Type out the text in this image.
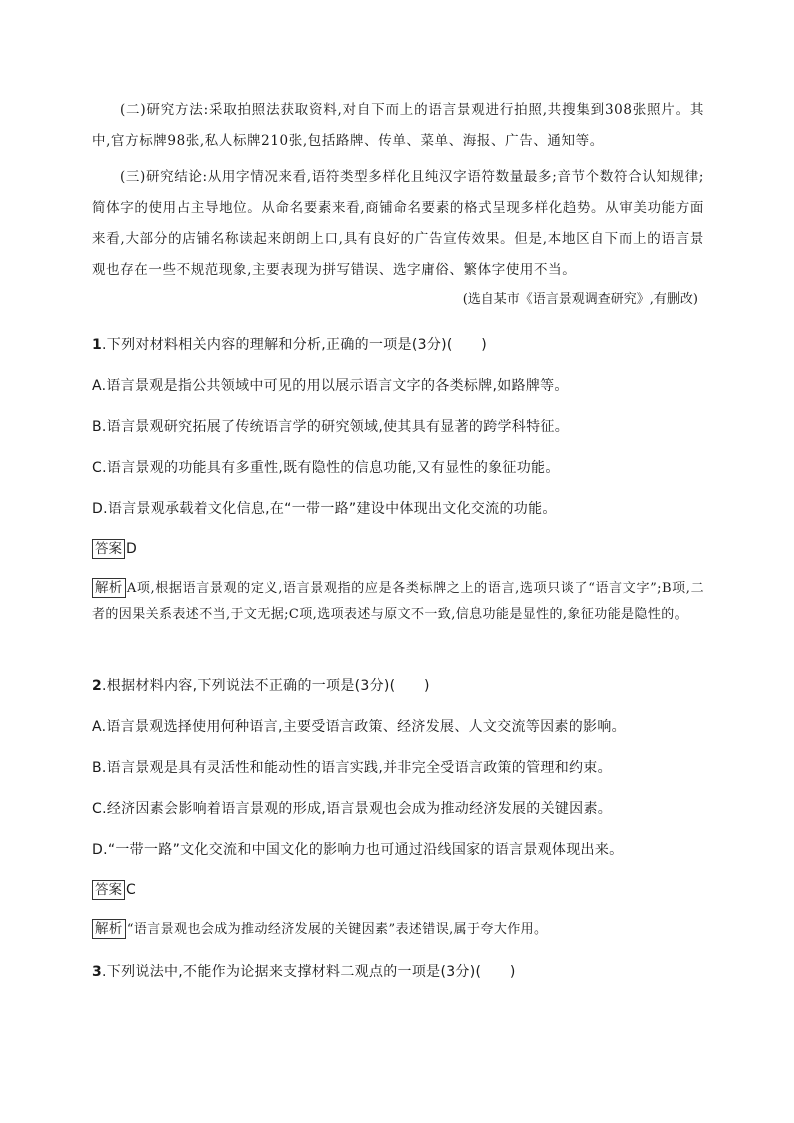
(二)研究方法:采取拍照法获取资料,对自下而上的语言景观进行拍照,共搜集到308张照片。其中,官方标牌98张,私人标牌210张,包括路牌、传单、菜单、海报、广告、通知等。
(三)研究结论:从用字情况来看,语符类型多样化且纯汉字语符数量最多;音节个数符合认知规律;简体字的使用占主导地位。从命名要素来看,商铺命名要素的格式呈现多样化趋势。从审美功能方面来看,大部分的店铺名称读起来朗朗上口,具有良好的广告宣传效果。但是,本地区自下而上的语言景观也存在一些不规范现象,主要表现为拼写错误、选字庸俗、繁体字使用不当。
(选自某市《语言景观调查研究》,有删改)
1.下列对材料相关内容的理解和分析,正确的一项是(3分)(　　)
A.语言景观是指公共领域中可见的用以展示语言文字的各类标牌,如路牌等。
B.语言景观研究拓展了传统语言学的研究领域,使其具有显著的跨学科特征。
C.语言景观的功能具有多重性,既有隐性的信息功能,又有显性的象征功能。
D.语言景观承载着文化信息,在“一带一路”建设中体现出文化交流的功能。
答案 D
解析 A项,根据语言景观的定义,语言景观指的应是各类标牌之上的语言,选项只谈了“语言文字”;B项,二者的因果关系表述不当,于文无据;C项,选项表述与原文不一致,信息功能是显性的,象征功能是隐性的。
2.根据材料内容,下列说法不正确的一项是(3分)(　　)
A.语言景观选择使用何种语言,主要受语言政策、经济发展、人文交流等因素的影响。
B.语言景观是具有灵活性和能动性的语言实践,并非完全受语言政策的管理和约束。
C.经济因素会影响着语言景观的形成,语言景观也会成为推动经济发展的关键因素。
D.“一带一路”文化交流和中国文化的影响力也可通过沿线国家的语言景观体现出来。
答案 C
解析 “语言景观也会成为推动经济发展的关键因素”表述错误,属于夸大作用。
3.下列说法中,不能作为论据来支撑材料二观点的一项是(3分)(　　)
